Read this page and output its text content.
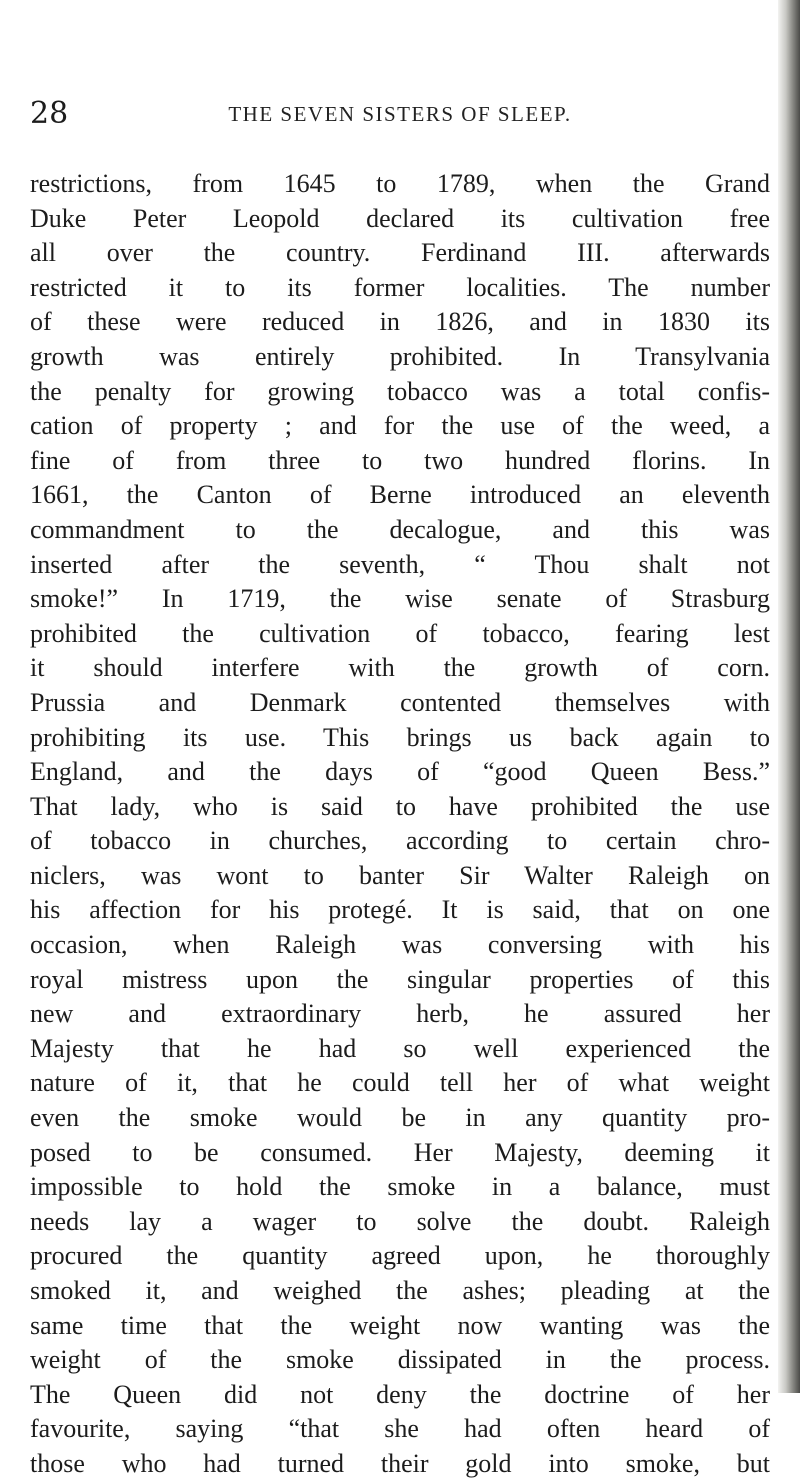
28	THE SEVEN SISTERS OF SLEEP.
restrictions, from 1645 to 1789, when the Grand
Duke Peter Leopold declared its cultivation free
all over the country. Ferdinand III. afterwards
restricted it to its former localities. The number
of these were reduced in 1826, and in 1830 its
growth was entirely prohibited. In Transylvania
the penalty for growing tobacco was a total confis-
cation of property ; and for the use of the weed, a
fine of from three to two hundred florins. In
1661, the Canton of Berne introduced an eleventh
commandment to the decalogue, and this was
inserted after the seventh, “ Thou shalt not
smoke!” In 1719, the wise senate of Strasburg
prohibited the cultivation of tobacco, fearing lest
it should interfere with the growth of corn.
Prussia and Denmark contented themselves with
prohibiting its use. This brings us back again to
England, and the days of “good Queen Bess.”
That lady, who is said to have prohibited the use
of tobacco in churches, according to certain chro-
niclers, was wont to banter Sir Walter Raleigh on
his affection for his protegé. It is said, that on one
occasion, when Raleigh was conversing with his
royal mistress upon the singular properties of this
new and extraordinary herb, he assured her
Majesty that he had so well experienced the
nature of it, that he could tell her of what weight
even the smoke would be in any quantity pro-
posed to be consumed. Her Majesty, deeming it
impossible to hold the smoke in a balance, must
needs lay a wager to solve the doubt. Raleigh
procured the quantity agreed upon, he thoroughly
smoked it, and weighed the ashes; pleading at the
same time that the weight now wanting was the
weight of the smoke dissipated in the process.
The Queen did not deny the doctrine of her
favourite, saying “that she had often heard of
those who had turned their gold into smoke, but
